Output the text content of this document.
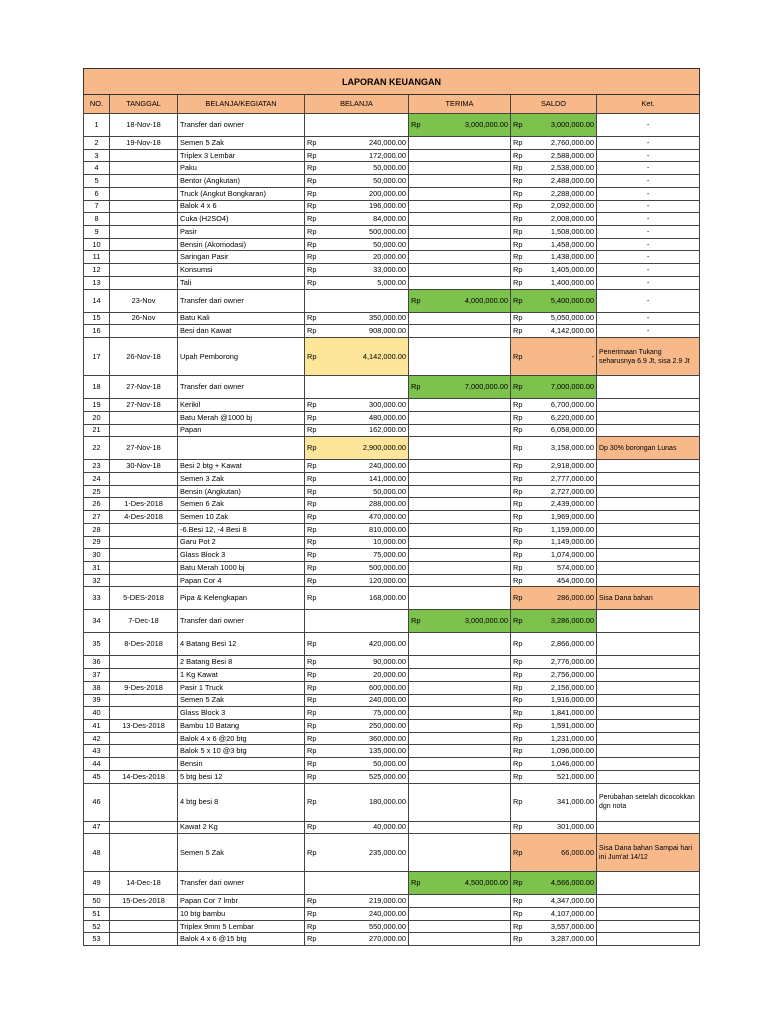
LAPORAN KEUANGAN									
NO.	TANGGAL	BELANJA/KEGIATAN	BELANJA		TERIMA		SALDO		Ket.
1	18-Nov-18	Transfer dari owner			Rp	3,000,000.00	Rp	3,000,000.00	-
2	19-Nov-18	Semen 5 Zak	Rp	240,000.00			Rp	2,760,000.00	-
3		Triplex 3 Lembar	Rp	172,000.00			Rp	2,588,000.00	-
4		Paku	Rp	50,000.00			Rp	2,538,000.00	-
5		Bentor (Angkutan)	Rp	50,000.00			Rp	2,488,000.00	-
6		Truck (Angkut Bongkaran)	Rp	200,000.00			Rp	2,288,000.00	-
7		Balok 4 x 6	Rp	196,000.00			Rp	2,092,000.00	-
8		Cuka (H2SO4)	Rp	84,000.00			Rp	2,008,000.00	-
9		Pasir	Rp	500,000.00			Rp	1,508,000.00	-
10		Bensin (Akomodasi)	Rp	50,000.00			Rp	1,458,000.00	-
11		Saringan Pasir	Rp	20,000.00			Rp	1,438,000.00	-
12		Konsumsi	Rp	33,000.00			Rp	1,405,000.00	-
13		Tali	Rp	5,000.00			Rp	1,400,000.00	-
14	23-Nov	Transfer dari owner			Rp	4,000,000.00	Rp	5,400,000.00	-
15	26-Nov	Batu Kali	Rp	350,000.00			Rp	5,050,000.00	-
16		Besi dan Kawat	Rp	908,000.00			Rp	4,142,000.00	-
17	26-Nov-18	Upah Pemborong	Rp	4,142,000.00			Rp	-	Penerimaan Tukang seharusnya 6.9 Jt, sisa 2.9 Jt
18	27-Nov-18	Transfer dari owner			Rp	7,000,000.00	Rp	7,000,000.00	
19	27-Nov-18	Kerikil	Rp	300,000.00			Rp	6,700,000.00	
20		Batu Merah @1000 bj	Rp	480,000.00			Rp	6,220,000.00	
21		Papan	Rp	162,000.00			Rp	6,058,000.00	
22	27-Nov-18		Rp	2,900,000.00			Rp	3,158,000.00	Dp 30% borongan Lunas
23	30-Nov-18	Besi 2 btg + Kawat	Rp	240,000.00			Rp	2,918,000.00	
24		Semen 3 Zak	Rp	141,000.00			Rp	2,777,000.00	
25		Bensin (Angkutan)	Rp	50,000.00			Rp	2,727,000.00	
26	1-Des-2018	Semen 6 Zak	Rp	288,000.00			Rp	2,439,000.00	
27	4-Des-2018	Semen 10 Zak	Rp	470,000.00			Rp	1,969,000.00	
28		-6.Besi 12, -4 Besi 8	Rp	810,000.00			Rp	1,159,000.00	
29		Garu Pot 2	Rp	10,000.00			Rp	1,149,000.00	
30		Glass Block 3	Rp	75,000.00			Rp	1,074,000.00	
31		Batu Merah 1000 bj	Rp	500,000.00			Rp	574,000.00	
32		Papan Cor 4	Rp	120,000.00			Rp	454,000.00	
33	5-DES-2018	Pipa & Kelengkapan	Rp	168,000.00			Rp	286,000.00	Sisa Dana bahan
34	7-Dec-18	Transfer dari owner			Rp	3,000,000.00	Rp	3,286,000.00	
35	8-Des-2018	4 Batang Besi 12	Rp	420,000.00			Rp	2,866,000.00	
36		2 Batang Besi 8	Rp	90,000.00			Rp	2,776,000.00	
37		1 Kg Kawat	Rp	20,000.00			Rp	2,756,000.00	
38	9-Des-2018	Pasir 1 Truck	Rp	600,000.00			Rp	2,156,000.00	
39		Semen 5 Zak	Rp	240,000.00			Rp	1,916,000.00	
40		Glass Block 3	Rp	75,000.00			Rp	1,841,000.00	
41	13-Des-2018	Bambu 10 Batang	Rp	250,000.00			Rp	1,591,000.00	
42		Balok 4 x 6 @20 btg	Rp	360,000.00			Rp	1,231,000.00	
43		Balok 5 x 10 @3 btg	Rp	135,000.00			Rp	1,096,000.00	
44		Bensin	Rp	50,000.00			Rp	1,046,000.00	
45	14-Des-2018	5 btg besi 12	Rp	525,000.00			Rp	521,000.00	
46		4 btg besi 8	Rp	180,000.00			Rp	341,000.00	Perubahan setelah dicocokkan dgn nota
47		Kawat 2 Kg	Rp	40,000.00			Rp	301,000.00	
48		Semen 5 Zak	Rp	235,000.00			Rp	66,000.00	Sisa Dana bahan Sampai hari ini Jum'at 14/12
49	14-Dec-18	Transfer dari owner			Rp	4,500,000.00	Rp	4,566,000.00	
50	15-Des-2018	Papan Cor 7 lmbr	Rp	219,000.00			Rp	4,347,000.00	
51		10 btg bambu	Rp	240,000.00			Rp	4,107,000.00	
52		Triplex 9mm 5 Lembar	Rp	550,000.00			Rp	3,557,000.00	
53		Balok 4 x 6 @15 btg	Rp	270,000.00			Rp	3,287,000.00	
